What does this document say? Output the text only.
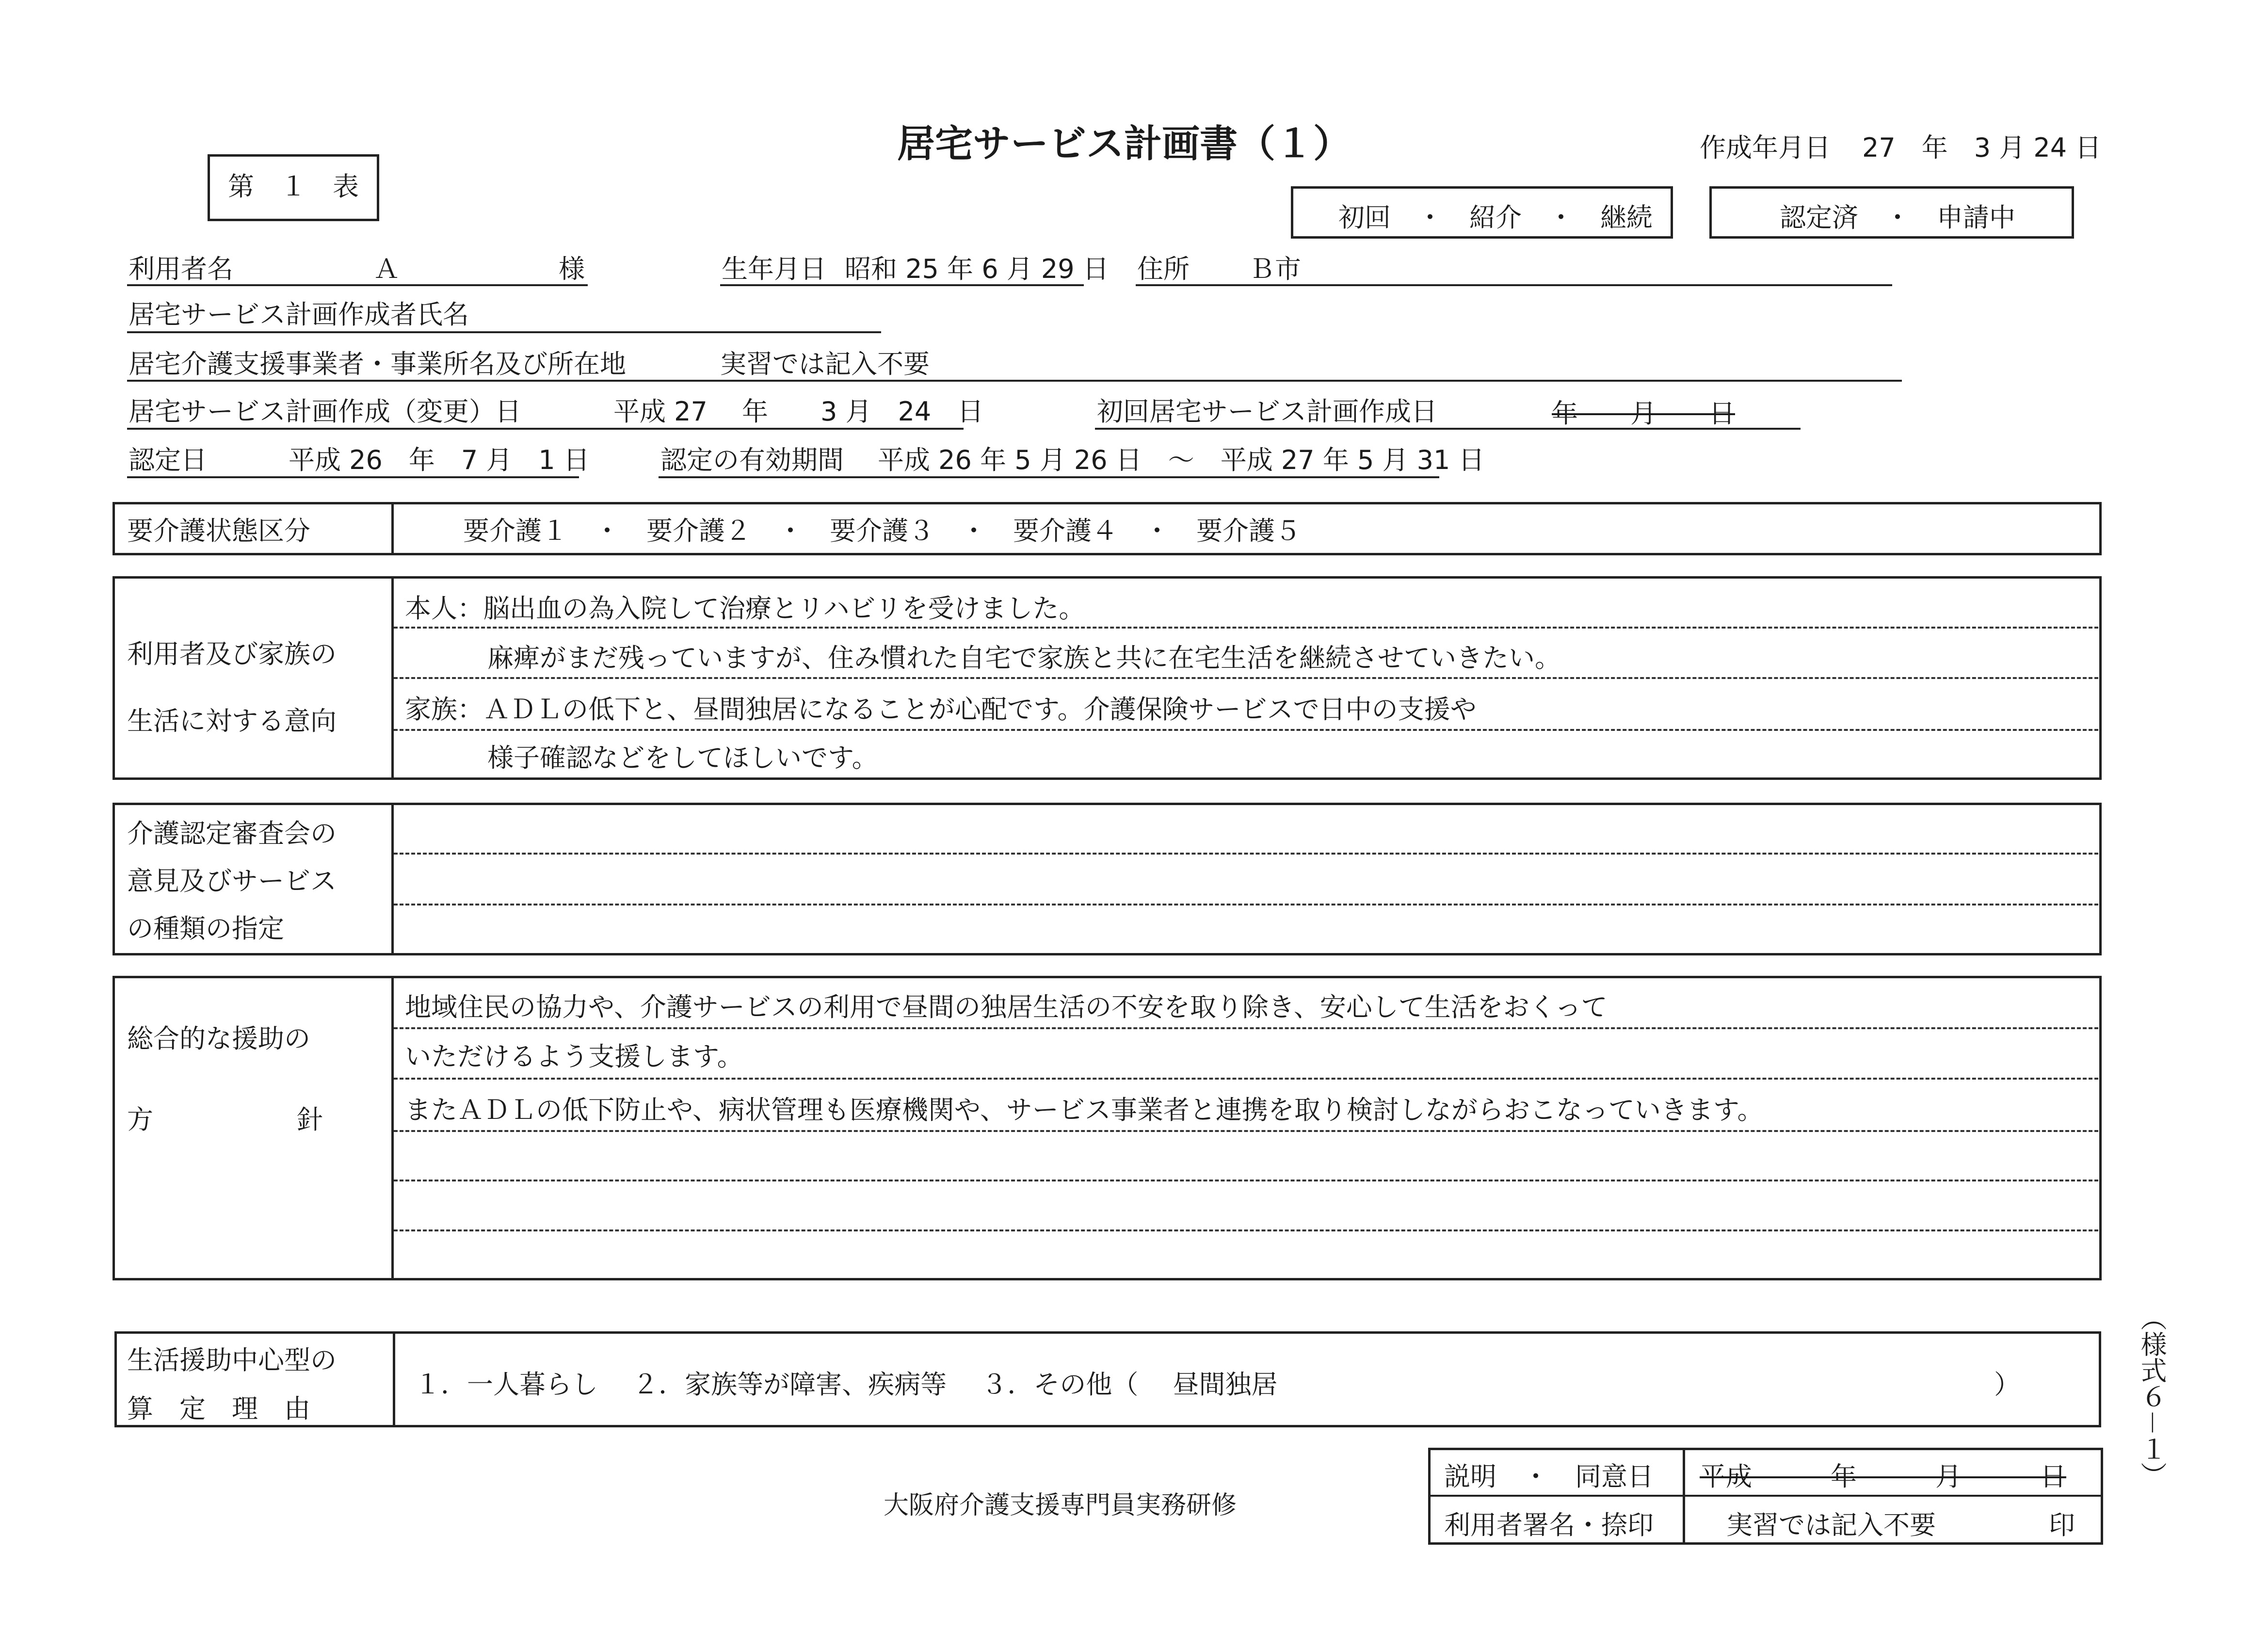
第　１　表
居宅サービス計画書（１）	作成年月日 27　年　3 月 24 日
初回　・　紹介　・　継続	認定済　・　申請中
利用者名	Ａ	様	生年月日 昭和 25 年 6 月 29 日 住所 Ｂ市
居宅サービス計画作成者氏名
居宅介護支援事業者・事業所名及び所在地	実習では記入不要
居宅サービス計画作成（変更）日	平成 27　 年　　3 月　24　日	初回居宅サービス計画作成日	年　　月　　日
認定日	平成 26　年　7 月　1 日	認定の有効期間 平成 26 年 5 月 26 日　～　平成 27 年 5 月 31 日
要介護状態区分	要介護１　・　要介護２　・　要介護３　・　要介護４　・　要介護５
利用者及び家族の
生活に対する意向
本人：脳出血の為入院して治療とリハビリを受けました。
麻痺がまだ残っていますが、住み慣れた自宅で家族と共に在宅生活を継続させていきたい。
家族：ＡＤＬの低下と、昼間独居になることが心配です。介護保険サービスで日中の支援や
様子確認などをしてほしいです。
介護認定審査会の
意見及びサービス
の種類の指定
総合的な援助の
方	針
地域住民の協力や、介護サービスの利用で昼間の独居生活の不安を取り除き、安心して生活をおくって
いただけるよう支援します。
またＡＤＬの低下防止や、病状管理も医療機関や、サービス事業者と連携を取り検討しながらおこなっていきます。
生活援助中心型の
算　定　理　由
１．一人暮らし　 ２．家族等が障害、疾病等　 ３．その他（　 昼間独居	）
大阪府介護支援専門員実務研修
説明　・　同意日 平成　　　年　　　月　　　日
利用者署名・捺印	実習では記入不要	印
（様式６－１）
